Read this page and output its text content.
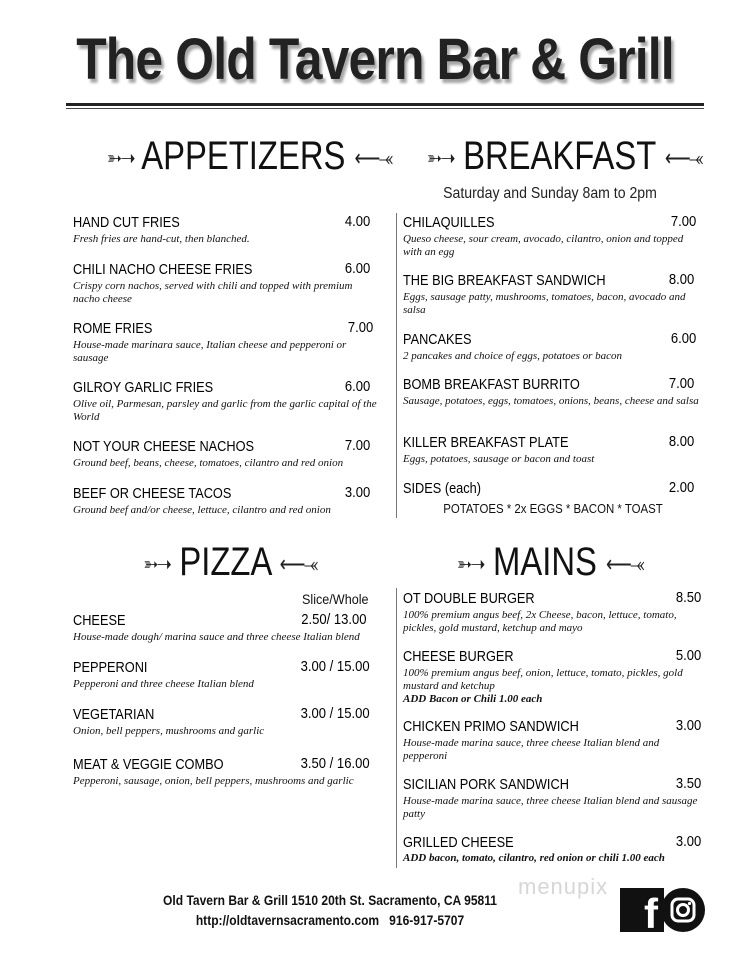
The Old Tavern Bar & Grill
➳➝ APPETIZERS ⟵⤛
HAND CUT FRIES	4.00
Fresh fries are hand-cut, then blanched.
CHILI NACHO CHEESE FRIES	6.00
Crispy corn nachos, served with chili and topped with premium nacho cheese
ROME FRIES	7.00
House-made marinara sauce, Italian cheese and pepperoni or sausage
GILROY GARLIC FRIES	6.00
Olive oil, Parmesan, parsley and garlic from the garlic capital of the World
NOT YOUR CHEESE NACHOS	7.00
Ground beef, beans, cheese, tomatoes, cilantro and red onion
BEEF OR CHEESE TACOS	3.00
Ground beef and/or cheese, lettuce, cilantro and red onion
➳➝ BREAKFAST ⟵⤛
Saturday and Sunday 8am to 2pm
CHILAQUILLES	7.00
Queso cheese, sour cream, avocado, cilantro, onion and topped with an egg
THE BIG BREAKFAST SANDWICH	8.00
Eggs, sausage patty, mushrooms, tomatoes, bacon, avocado and salsa
PANCAKES	6.00
2 pancakes and choice of eggs, potatoes or bacon
BOMB BREAKFAST BURRITO	7.00
Sausage, potatoes, eggs, tomatoes, onions, beans, cheese and salsa
KILLER BREAKFAST PLATE	8.00
Eggs, potatoes, sausage or bacon and toast
SIDES (each)	2.00
POTATOES * 2x EGGS * BACON * TOAST
➳➝ PIZZA ⟵⤛
Slice/Whole
CHEESE	2.50/ 13.00
House-made dough/ marina sauce and three cheese Italian blend
PEPPERONI	3.00 / 15.00
Pepperoni and three cheese Italian blend
VEGETARIAN	3.00 / 15.00
Onion, bell peppers, mushrooms and garlic
MEAT & VEGGIE COMBO	3.50 / 16.00
Pepperoni, sausage, onion, bell peppers, mushrooms and garlic
➳➝ MAINS ⟵⤛
OT DOUBLE BURGER	8.50
100% premium angus beef, 2x Cheese, bacon, lettuce, tomato, pickles, gold mustard, ketchup and mayo
CHEESE BURGER	5.00
100% premium angus beef, onion, lettuce, tomato, pickles, gold mustard and ketchup
ADD Bacon or Chili 1.00 each
CHICKEN PRIMO SANDWICH	3.00
House-made marina sauce, three cheese Italian blend and pepperoni
SICILIAN PORK SANDWICH	3.50
House-made marina sauce, three cheese Italian blend and sausage patty
GRILLED CHEESE	3.00
ADD bacon, tomato, cilantro, red onion or chili 1.00 each
Old Tavern Bar & Grill 1510 20th St. Sacramento, CA 95811
http://oldtavernsacramento.com 916-917-5707
menupix
f
